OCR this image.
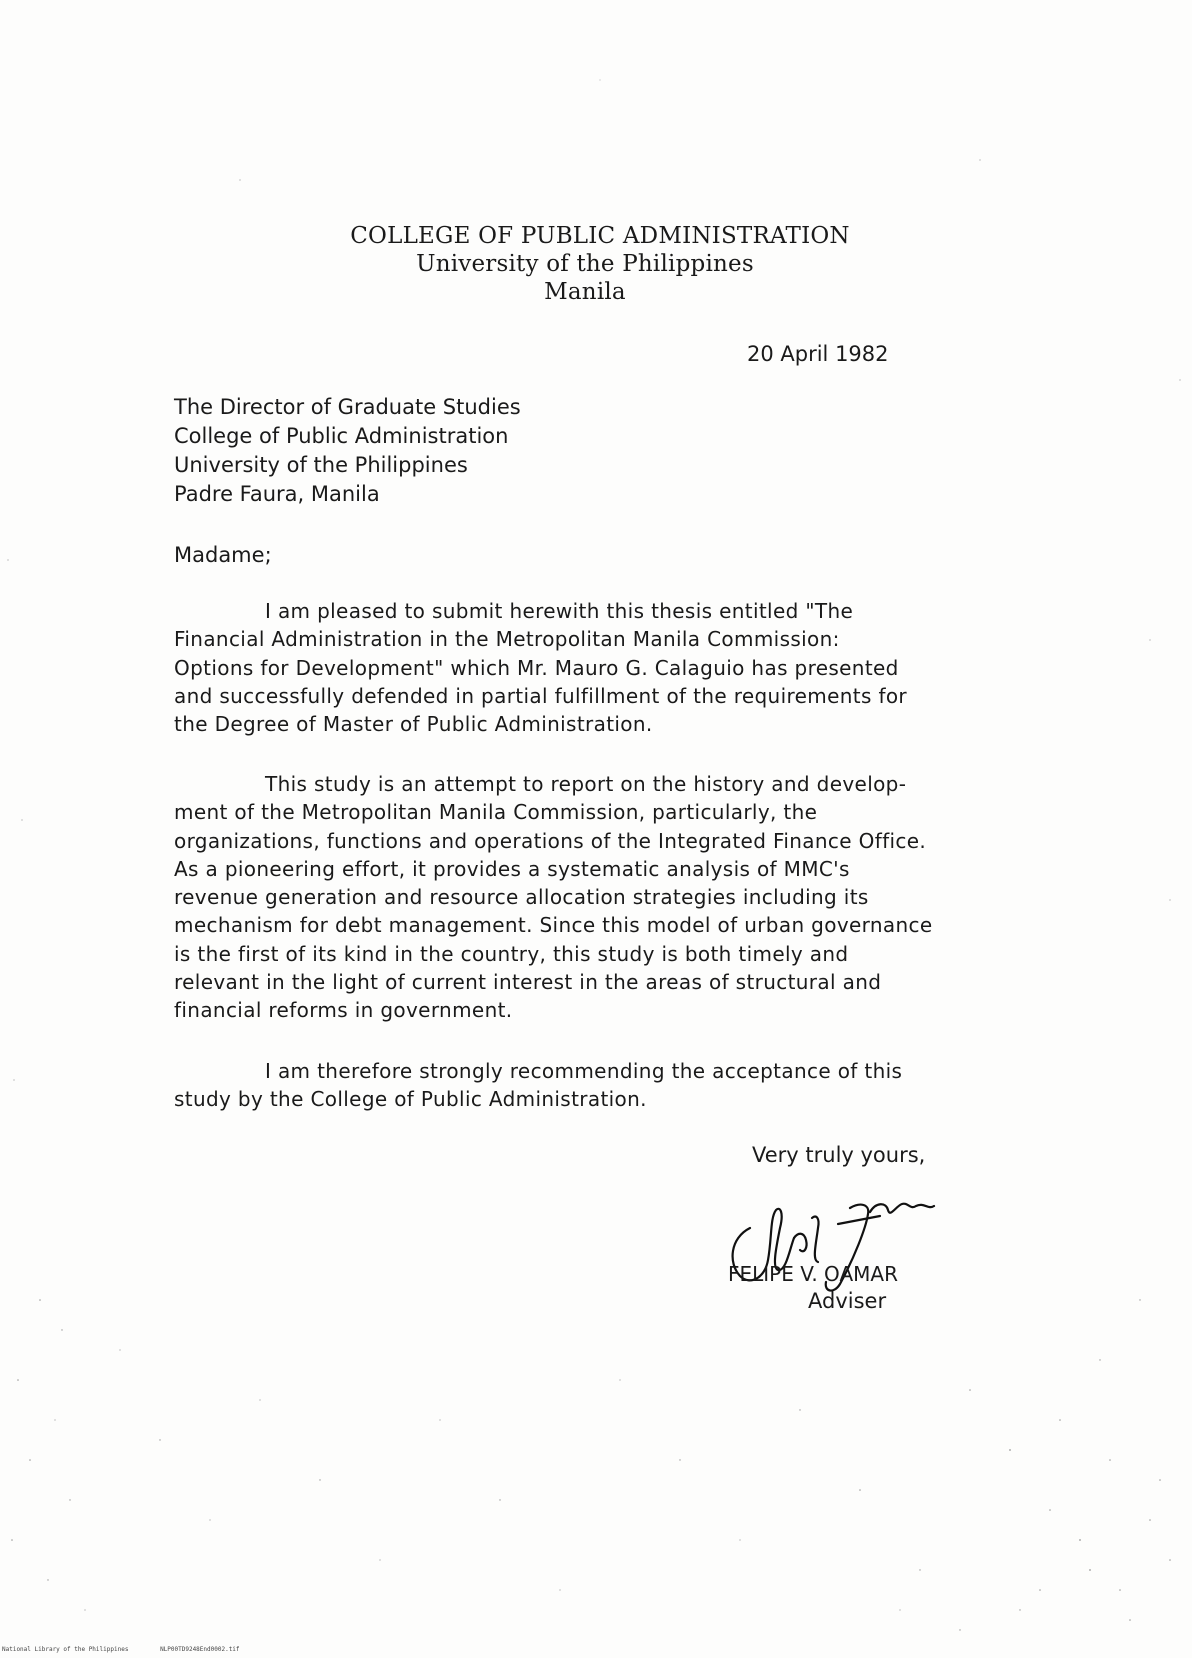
COLLEGE OF PUBLIC ADMINISTRATION
University of the Philippines
Manila
20 April 1982
The Director of Graduate Studies
College of Public Administration
University of the Philippines
Padre Faura, Manila
Madame;
I am pleased to submit herewith this thesis entitled "The
Financial Administration in the Metropolitan Manila Commission:
Options for Development" which Mr. Mauro G. Calaguio has presented
and successfully defended in partial fulfillment of the requirements for
the Degree of Master of Public Administration.
This study is an attempt to report on the history and develop-
ment of the Metropolitan Manila Commission, particularly, the
organizations, functions and operations of the Integrated Finance Office.
As a pioneering effort, it provides a systematic analysis of MMC's
revenue generation and resource allocation strategies including its
mechanism for debt management. Since this model of urban governance
is the first of its kind in the country, this study is both timely and
relevant in the light of current interest in the areas of structural and
financial reforms in government.
I am therefore strongly recommending the acceptance of this
study by the College of Public Administration.
Very truly yours,
FELIPE V. OAMAR
Adviser
National Library of the Philippines	NLP00TD9248End0002.tif
